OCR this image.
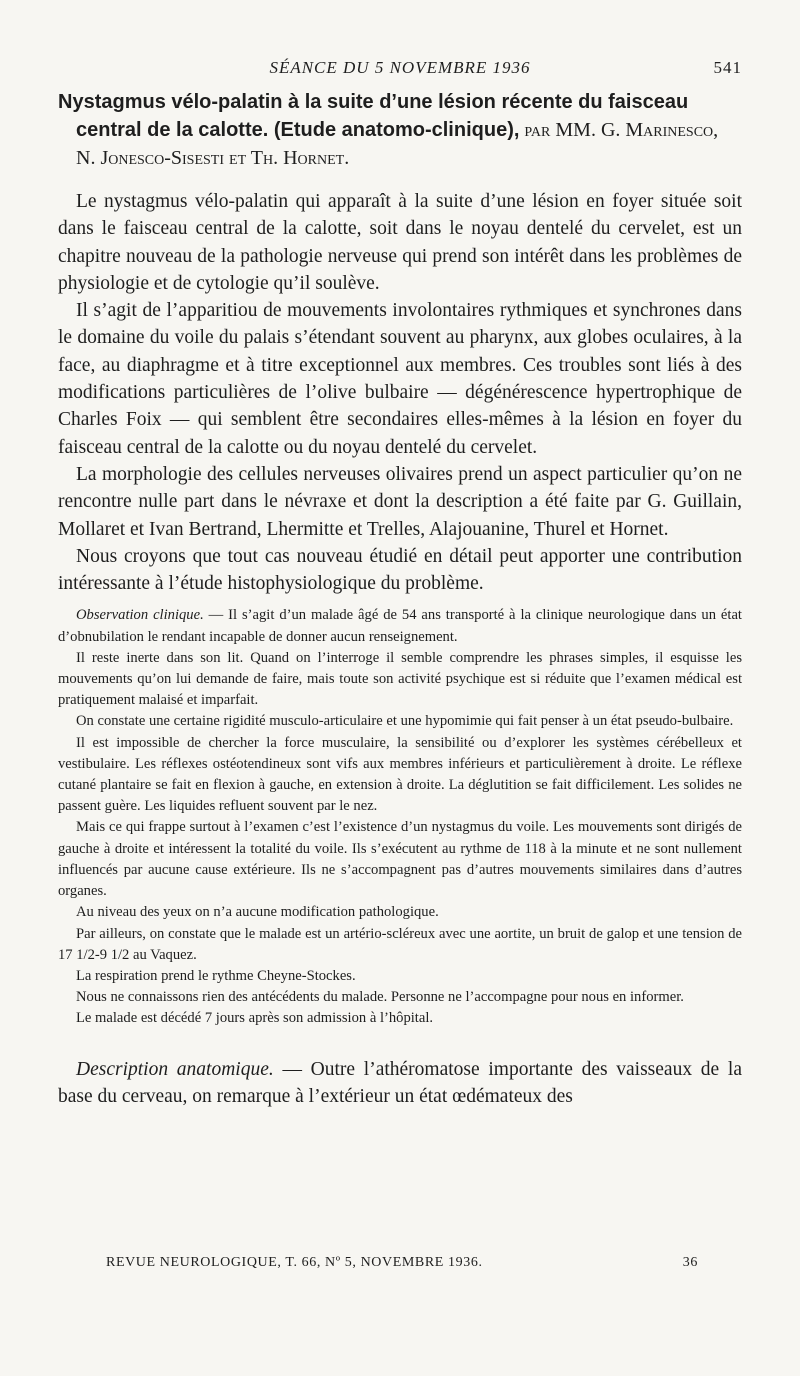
SÉANCE DU 5 NOVEMBRE 1936	541
Nystagmus vélo-palatin à la suite d’une lésion récente du faisceau
central de la calotte. (Etude anatomo-clinique), par MM. G. Marinesco, N. Jonesco-Sisesti et Th. Hornet.

Le nystagmus vélo-palatin qui apparaît à la suite d’une lésion en foyer située soit dans le faisceau central de la calotte, soit dans le noyau dentelé du cervelet, est un chapitre nouveau de la pathologie nerveuse qui prend son intérêt dans les problèmes de physiologie et de cytologie qu’il soulève.

Il s’agit de l’apparitiou de mouvements involontaires rythmiques et synchrones dans le domaine du voile du palais s’étendant souvent au pharynx, aux globes oculaires, à la face, au diaphragme et à titre exceptionnel aux membres. Ces troubles sont liés à des modifications particulières de l’olive bulbaire — dégénérescence hypertrophique de Charles Foix — qui semblent être secondaires elles-mêmes à la lésion en foyer du faisceau central de la calotte ou du noyau dentelé du cervelet.

La morphologie des cellules nerveuses olivaires prend un aspect particulier qu’on ne rencontre nulle part dans le névraxe et dont la description a été faite par G. Guillain, Mollaret et Ivan Bertrand, Lhermitte et Trelles, Alajouanine, Thurel et Hornet.

Nous croyons que tout cas nouveau étudié en détail peut apporter une contribution intéressante à l’étude histophysiologique du problème.

Observation clinique. — Il s’agit d’un malade âgé de 54 ans transporté à la clinique neurologique dans un état d’obnubilation le rendant incapable de donner aucun renseignement.

Il reste inerte dans son lit. Quand on l’interroge il semble comprendre les phrases simples, il esquisse les mouvements qu’on lui demande de faire, mais toute son activité psychique est si réduite que l’examen médical est pratiquement malaisé et imparfait.

On constate une certaine rigidité musculo-articulaire et une hypomimie qui fait penser à un état pseudo-bulbaire.

Il est impossible de chercher la force musculaire, la sensibilité ou d’explorer les systèmes cérébelleux et vestibulaire. Les réflexes ostéotendineux sont vifs aux membres inférieurs et particulièrement à droite. Le réflexe cutané plantaire se fait en flexion à gauche, en extension à droite. La déglutition se fait difficilement. Les solides ne passent guère. Les liquides refluent souvent par le nez.

Mais ce qui frappe surtout à l’examen c’est l’existence d’un nystagmus du voile. Les mouvements sont dirigés de gauche à droite et intéressent la totalité du voile. Ils s’exécutent au rythme de 118 à la minute et ne sont nullement influencés par aucune cause extérieure. Ils ne s’accompagnent pas d’autres mouvements similaires dans d’autres organes.

Au niveau des yeux on n’a aucune modification pathologique.

Par ailleurs, on constate que le malade est un artério-scléreux avec une aortite, un bruit de galop et une tension de 17 1/2-9 1/2 au Vaquez.

La respiration prend le rythme Cheyne-Stockes.

Nous ne connaissons rien des antécédents du malade. Personne ne l’accompagne pour nous en informer.

Le malade est décédé 7 jours après son admission à l’hôpital.

Description anatomique. — Outre l’athéromatose importante des vaisseaux de la base du cerveau, on remarque à l’extérieur un état œdémateux des

REVUE NEUROLOGIQUE, T. 66, Nº 5, NOVEMBRE 1936.	36
